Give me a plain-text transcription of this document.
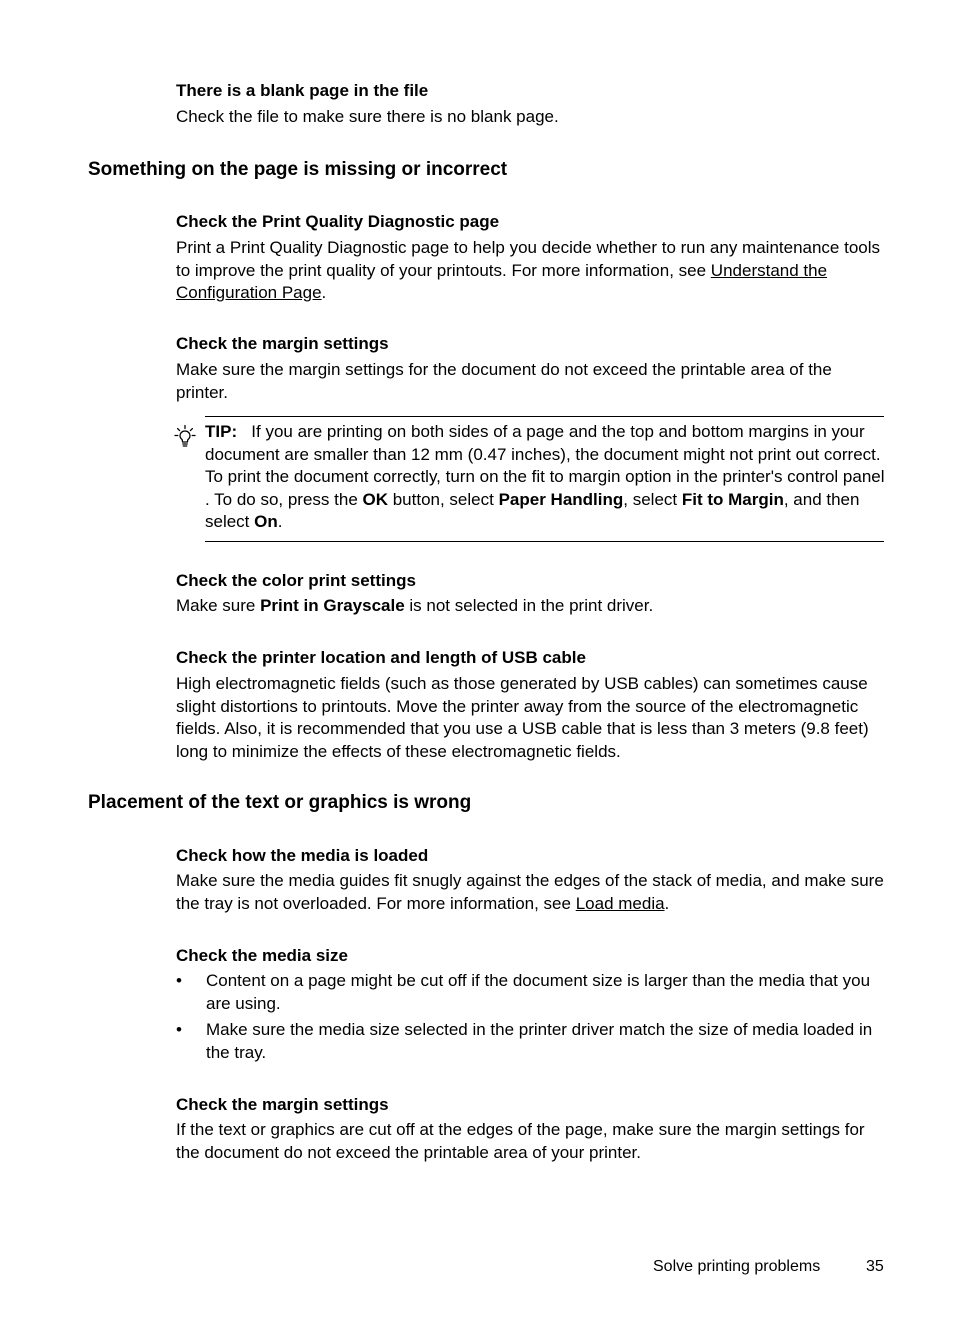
There is a blank page in the file
Check the file to make sure there is no blank page.
Something on the page is missing or incorrect
Check the Print Quality Diagnostic page
Print a Print Quality Diagnostic page to help you decide whether to run any maintenance tools to improve the print quality of your printouts. For more information, see Understand the Configuration Page.
Check the margin settings
Make sure the margin settings for the document do not exceed the printable area of the printer.
TIP:   If you are printing on both sides of a page and the top and bottom margins in your document are smaller than 12 mm (0.47 inches), the document might not print out correct. To print the document correctly, turn on the fit to margin option in the printer's control panel . To do so, press the OK button, select Paper Handling, select Fit to Margin, and then select On.
Check the color print settings
Make sure Print in Grayscale is not selected in the print driver.
Check the printer location and length of USB cable
High electromagnetic fields (such as those generated by USB cables) can sometimes cause slight distortions to printouts. Move the printer away from the source of the electromagnetic fields. Also, it is recommended that you use a USB cable that is less than 3 meters (9.8 feet) long to minimize the effects of these electromagnetic fields.
Placement of the text or graphics is wrong
Check how the media is loaded
Make sure the media guides fit snugly against the edges of the stack of media, and make sure the tray is not overloaded. For more information, see Load media.
Check the media size
• Content on a page might be cut off if the document size is larger than the media that you are using.
• Make sure the media size selected in the printer driver match the size of media loaded in the tray.
Check the margin settings
If the text or graphics are cut off at the edges of the page, make sure the margin settings for the document do not exceed the printable area of your printer.
Solve printing problems	35
